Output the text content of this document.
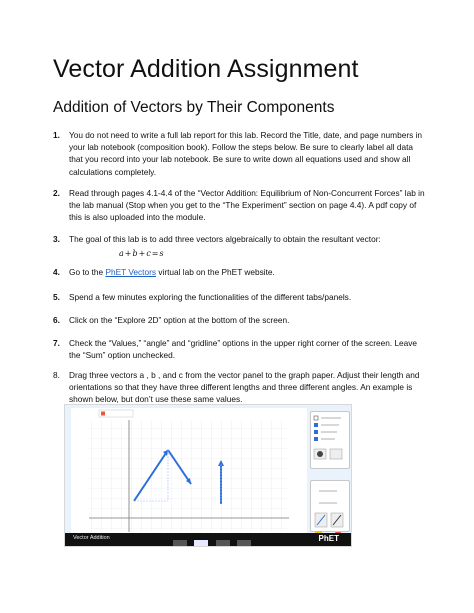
Vector Addition Assignment
Addition of Vectors by Their Components
1. You do not need to write a full lab report for this lab. Record the Title, date, and page numbers in your lab notebook (composition book). Follow the steps below. Be sure to clearly label all data that you record into your lab notebook. Be sure to write down all equations used and show all calculations completely.
2. Read through pages 4.1-4.4 of the “Vector Addition: Equilibrium of Non-Concurrent Forces” lab in the lab manual (Stop when you get to the “The Experiment” section on page 4.4). A pdf copy of this is also uploaded into the module.
3. The goal of this lab is to add three vectors algebraically to obtain the resultant vector:
4. Go to the PhET Vectors virtual lab on the PhET website.
5. Spend a few minutes exploring the functionalities of the different tabs/panels.
6. Click on the “Explore 2D” option at the bottom of the screen.
7. Check the “Values,” “angle” and “gridline” options in the upper right corner of the screen. Leave the “Sum” option unchecked.
8. Drag three vectors a , b , and c from the vector panel to the graph paper. Adjust their length and orientations so that they have three different lengths and three different angles. An example is shown below, but don’t use these same values.
a+b+c=s
Vector Addition
	PhET
